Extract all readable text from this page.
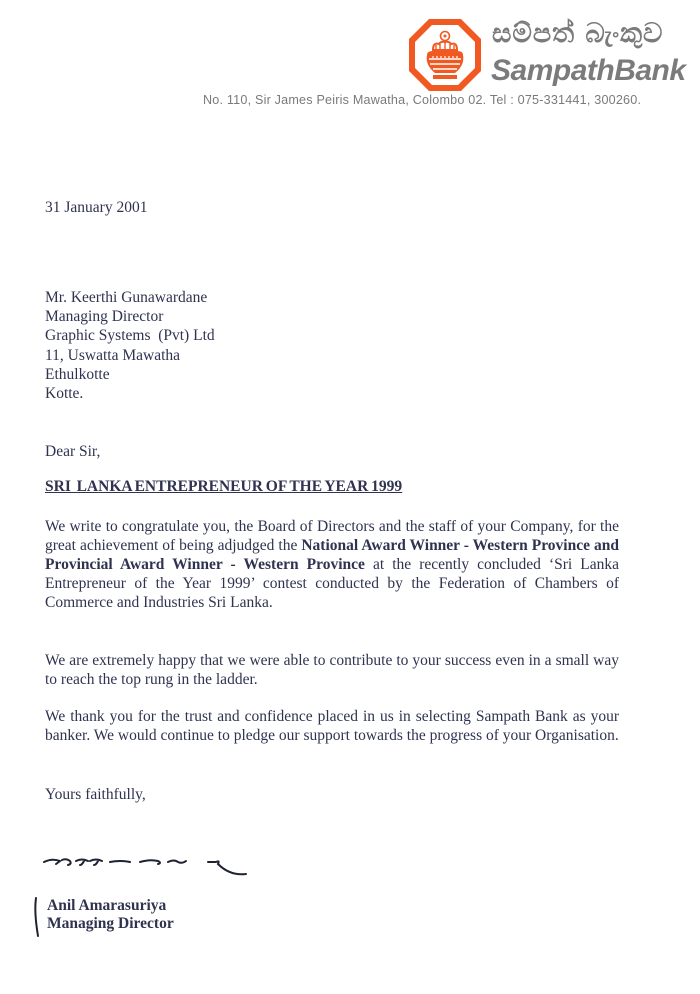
සම්පත් බැංකුව
SampathBank
No. 110, Sir James Peiris Mawatha, Colombo 02. Tel : 075-331441, 300260.
31 January 2001
Mr. Keerthi Gunawardane
Managing Director
Graphic Systems  (Pvt) Ltd
11, Uswatta Mawatha
Ethulkotte
Kotte.
Dear Sir,
SRI  LANKA ENTREPRENEUR OF THE YEAR 1999
We write to congratulate you, the Board of Directors and the staff of your Company, for the great achievement of being adjudged the National Award Winner - Western Province and Provincial Award Winner - Western Province at the recently concluded ‘Sri Lanka Entrepreneur of the Year 1999’ contest conducted by the Federation of Chambers of Commerce and Industries Sri Lanka.
We are extremely happy that we were able to contribute to your success even in a small way to reach the top rung in the ladder.
We thank you for the trust and confidence placed in us in selecting Sampath Bank as your banker. We would continue to pledge our support towards the progress of your Organisation.
Yours faithfully,
Anil Amarasuriya
Managing Director
